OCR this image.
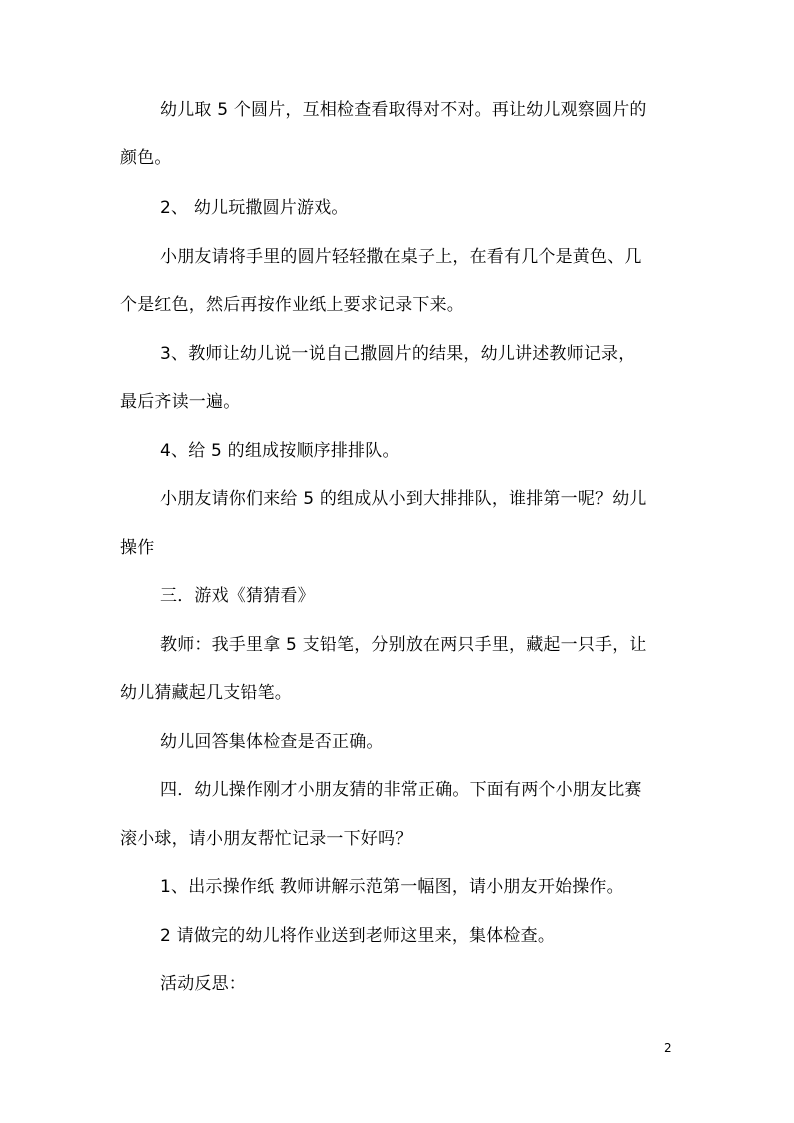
幼儿取 5 个圆片，互相检查看取得对不对。再让幼儿观察圆片的
颜色。
2、 幼儿玩撒圆片游戏。
小朋友请将手里的圆片轻轻撒在桌子上，在看有几个是黄色、几
个是红色，然后再按作业纸上要求记录下来。
3、教师让幼儿说一说自己撒圆片的结果，幼儿讲述教师记录，
最后齐读一遍。
4、给 5 的组成按顺序排排队。
小朋友请你们来给 5 的组成从小到大排排队，谁排第一呢？幼儿
操作
三．游戏《猜猜看》
教师：我手里拿 5 支铅笔，分别放在两只手里，藏起一只手，让
幼儿猜藏起几支铅笔。
幼儿回答集体检查是否正确。
四．幼儿操作刚才小朋友猜的非常正确。下面有两个小朋友比赛
滚小球，请小朋友帮忙记录一下好吗？
1、出示操作纸 教师讲解示范第一幅图，请小朋友开始操作。
2 请做完的幼儿将作业送到老师这里来，集体检查。
活动反思：
2
